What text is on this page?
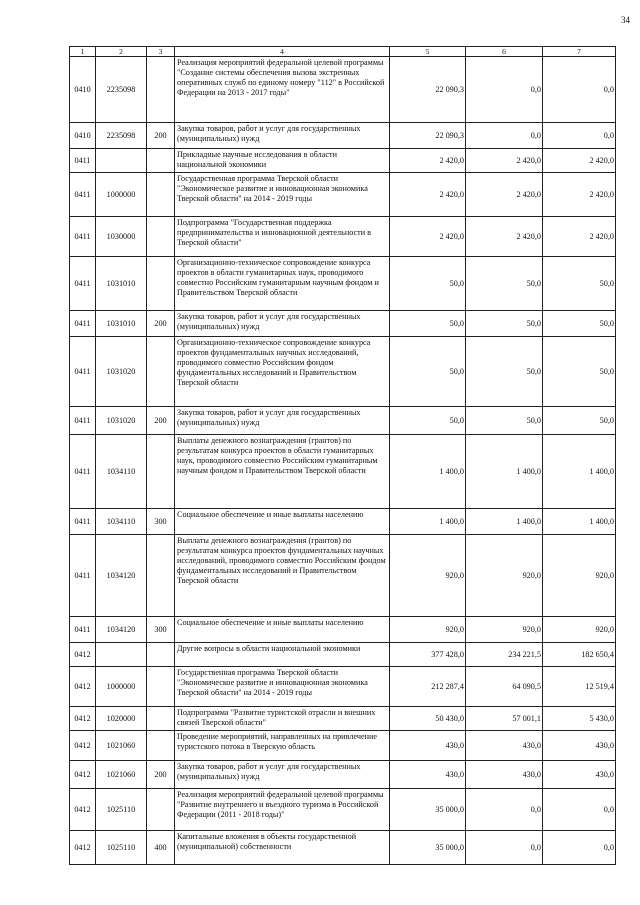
34
1	2	3	4	5	6	7
0410	2235098		Реализация мероприятий федеральной целевой программы "Создание системы обеспечения вызова экстренных оперативных служб по единому номеру "112" в Российской Федерации на 2013 - 2017 годы"	22 090,3	0,0	0,0
0410	2235098	200	Закупка товаров, работ и услуг для государственных (муниципальных) нужд	22 090,3	0,0	0,0
0411			Прикладные научные исследования в области национальной экономики	2 420,0	2 420,0	2 420,0
0411	1000000		Государственная программа Тверской области "Экономическое развитие и инновационная экономика Тверской области" на 2014 - 2019 годы	2 420,0	2 420,0	2 420,0
0411	1030000		Подпрограмма "Государственная поддержка предпринимательства и инновационной деятельности в Тверской области"	2 420,0	2 420,0	2 420,0
0411	1031010		Организационно-техническое сопровождение конкурса проектов в области гуманитарных наук, проводимого совместно Российским гуманитарным научным фондом и Правительством Тверской области	50,0	50,0	50,0
0411	1031010	200	Закупка товаров, работ и услуг для государственных (муниципальных) нужд	50,0	50,0	50,0
0411	1031020		Организационно-техническое сопровождение конкурса проектов фундаментальных научных исследований, проводимого совместно Российским фондом фундаментальных исследований и Правительством Тверской области	50,0	50,0	50,0
0411	1031020	200	Закупка товаров, работ и услуг для государственных (муниципальных) нужд	50,0	50,0	50,0
0411	1034110		Выплаты денежного вознаграждения (грантов) по результатам конкурса проектов в области гуманитарных наук, проводимого совместно Российским гуманитарным научным фондом и Правительством Тверской области	1 400,0	1 400,0	1 400,0
0411	1034110	300	Социальное обеспечение и иные выплаты населению	1 400,0	1 400,0	1 400,0
0411	1034120		Выплаты денежного вознаграждения (грантов) по результатам конкурса проектов фундаментальных научных исследований, проводимого совместно Российским фондом фундаментальных исследований и Правительством Тверской области	920,0	920,0	920,0
0411	1034120	300	Социальное обеспечение и иные выплаты населению	920,0	920,0	920,0
0412			Другие вопросы в области национальной экономики	377 428,0	234 221,5	182 650,4
0412	1000000		Государственная программа Тверской области "Экономическое развитие и инновационная экономика Тверской области" на 2014 - 2019 годы	212 287,4	64 090,5	12 519,4
0412	1020000		Подпрограмма "Развитие туристской отрасли и внешних связей Тверской области"	50 430,0	57 001,1	5 430,0
0412	1021060		Проведение мероприятий, направленных на привлечение туристского потока в Тверскую область	430,0	430,0	430,0
0412	1021060	200	Закупка товаров, работ и услуг для государственных (муниципальных) нужд	430,0	430,0	430,0
0412	1025110		Реализация мероприятий федеральной целевой программы "Развитие внутреннего и въездного туризма в Российской Федерации (2011 - 2018 годы)"	35 000,0	0,0	0,0
0412	1025110	400	Капитальные вложения в объекты государственной (муниципальной) собственности	35 000,0	0,0	0,0
